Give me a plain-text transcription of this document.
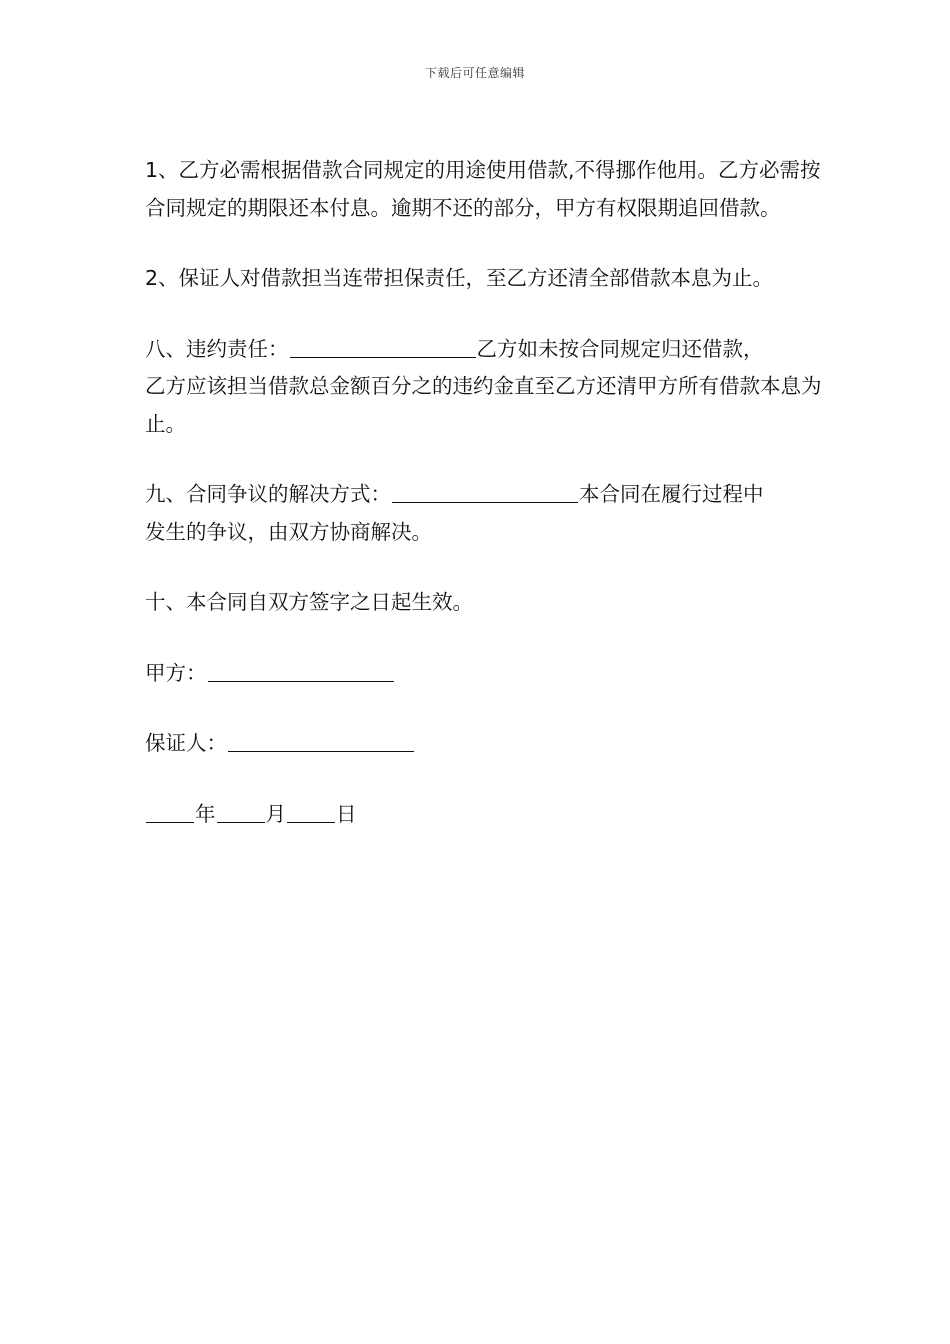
下载后可任意编辑

1、乙方必需根据借款合同规定的用途使用借款,不得挪作他用。乙方必需按合同规定的期限还本付息。逾期不还的部分，甲方有权限期追回借款。

2、保证人对借款担当连带担保责任，至乙方还清全部借款本息为止。

八、违约责任：	乙方如未按合同规定归还借款，
乙方应该担当借款总金额百分之的违约金直至乙方还清甲方所有借款本息为止。

九、合同争议的解决方式：	本合同在履行过程中
发生的争议，由双方协商解决。

十、本合同自双方签字之日起生效。

甲方：

保证人：

年 月 日
